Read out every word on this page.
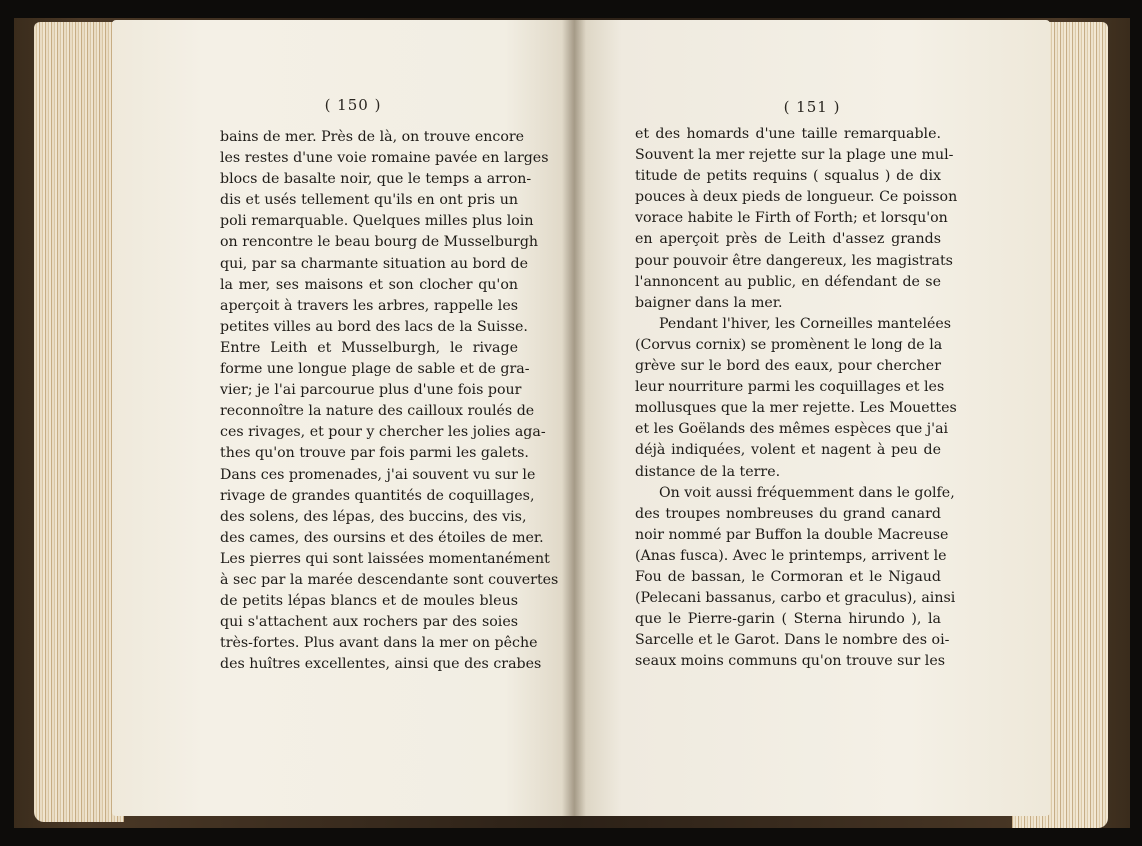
( 150 )
bains de mer. Près de là, on trouve encore
les restes d'une voie romaine pavée en larges
blocs de basalte noir, que le temps a arron-
dis et usés tellement qu'ils en ont pris un
poli remarquable. Quelques milles plus loin
on rencontre le beau bourg de Musselburgh
qui, par sa charmante situation au bord de
la mer, ses maisons et son clocher qu'on
aperçoit à travers les arbres, rappelle les
petites villes au bord des lacs de la Suisse.
Entre Leith et Musselburgh, le rivage
forme une longue plage de sable et de gra-
vier; je l'ai parcourue plus d'une fois pour
reconnoître la nature des cailloux roulés de
ces rivages, et pour y chercher les jolies aga-
thes qu'on trouve par fois parmi les galets.
Dans ces promenades, j'ai souvent vu sur le
rivage de grandes quantités de coquillages,
des solens, des lépas, des buccins, des vis,
des cames, des oursins et des étoiles de mer.
Les pierres qui sont laissées momentanément
à sec par la marée descendante sont couvertes
de petits lépas blancs et de moules bleus
qui s'attachent aux rochers par des soies
très-fortes. Plus avant dans la mer on pêche
des huîtres excellentes, ainsi que des crabes
( 151 )
et des homards d'une taille remarquable.
Souvent la mer rejette sur la plage une mul-
titude de petits requins ( squalus ) de dix
pouces à deux pieds de longueur. Ce poisson
vorace habite le Firth of Forth; et lorsqu'on
en aperçoit près de Leith d'assez grands
pour pouvoir être dangereux, les magistrats
l'annoncent au public, en défendant de se
baigner dans la mer.
Pendant l'hiver, les Corneilles mantelées
(Corvus cornix) se promènent le long de la
grève sur le bord des eaux, pour chercher
leur nourriture parmi les coquillages et les
mollusques que la mer rejette. Les Mouettes
et les Goëlands des mêmes espèces que j'ai
déjà indiquées, volent et nagent à peu de
distance de la terre.
On voit aussi fréquemment dans le golfe,
des troupes nombreuses du grand canard
noir nommé par Buffon la double Macreuse
(Anas fusca). Avec le printemps, arrivent le
Fou de bassan, le Cormoran et le Nigaud
(Pelecani bassanus, carbo et graculus), ainsi
que le Pierre-garin ( Sterna hirundo ), la
Sarcelle et le Garot. Dans le nombre des oi-
seaux moins communs qu'on trouve sur les
